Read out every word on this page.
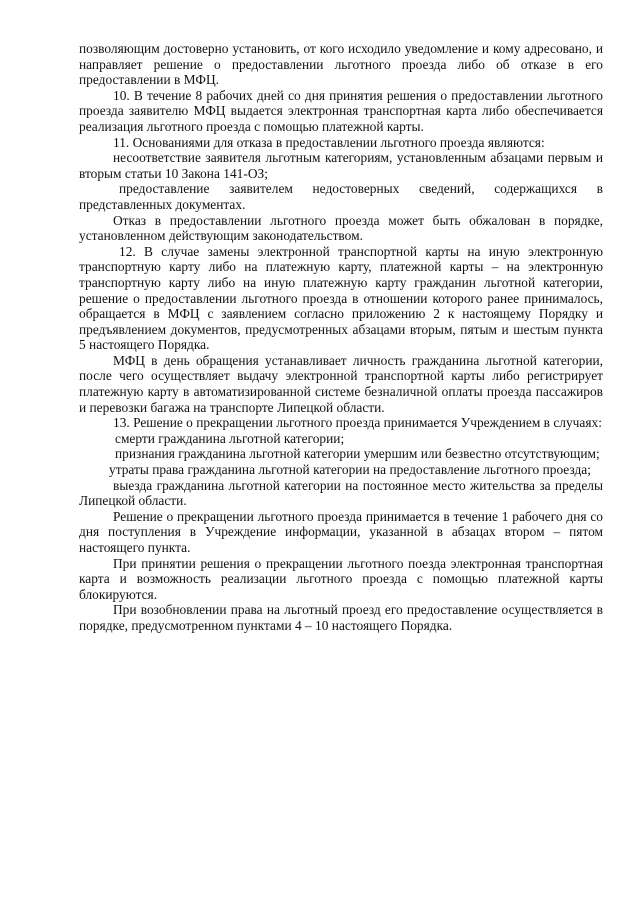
позволяющим достоверно установить, от кого исходило уведомление и кому адресовано, и направляет решение о предоставлении льготного проезда либо об отказе в его предоставлении в МФЦ.

10. В течение 8 рабочих дней со дня принятия решения о предоставлении льготного проезда заявителю МФЦ выдается электронная транспортная карта либо обеспечивается реализация льготного проезда с помощью платежной карты.

11. Основаниями для отказа в предоставлении льготного проезда являются:

несоответствие заявителя льготным категориям, установленным абзацами первым и вторым статьи 10 Закона 141-ОЗ;

предоставление заявителем недостоверных сведений, содержащихся в представленных документах.

Отказ в предоставлении льготного проезда может быть обжалован в порядке, установленном действующим законодательством.

12. В случае замены электронной транспортной карты на иную электронную транспортную карту либо на платежную карту, платежной карты – на электронную транспортную карту либо на иную платежную карту гражданин льготной категории, решение о предоставлении льготного проезда в отношении которого ранее принималось, обращается в МФЦ с заявлением согласно приложению 2 к настоящему Порядку и предъявлением документов, предусмотренных абзацами вторым, пятым и шестым пункта 5 настоящего Порядка.

МФЦ в день обращения устанавливает личность гражданина льготной категории, после чего осуществляет выдачу электронной транспортной карты либо регистрирует платежную карту в автоматизированной системе безналичной оплаты проезда пассажиров и перевозки багажа на транспорте Липецкой области.

13. Решение о прекращении льготного проезда принимается Учреждением в случаях:

смерти гражданина льготной категории;

признания гражданина льготной категории умершим или безвестно отсутствующим;

утраты права гражданина льготной категории на предоставление льготного проезда;

выезда гражданина льготной категории на постоянное место жительства за пределы Липецкой области.

Решение о прекращении льготного проезда принимается в течение 1 рабочего дня со дня поступления в Учреждение информации, указанной в абзацах втором – пятом настоящего пункта.

При принятии решения о прекращении льготного поезда электронная транспортная карта и возможность реализации льготного проезда с помощью платежной карты блокируются.

При возобновлении права на льготный проезд его предоставление осуществляется в порядке, предусмотренном пунктами 4 – 10 настоящего Порядка.
